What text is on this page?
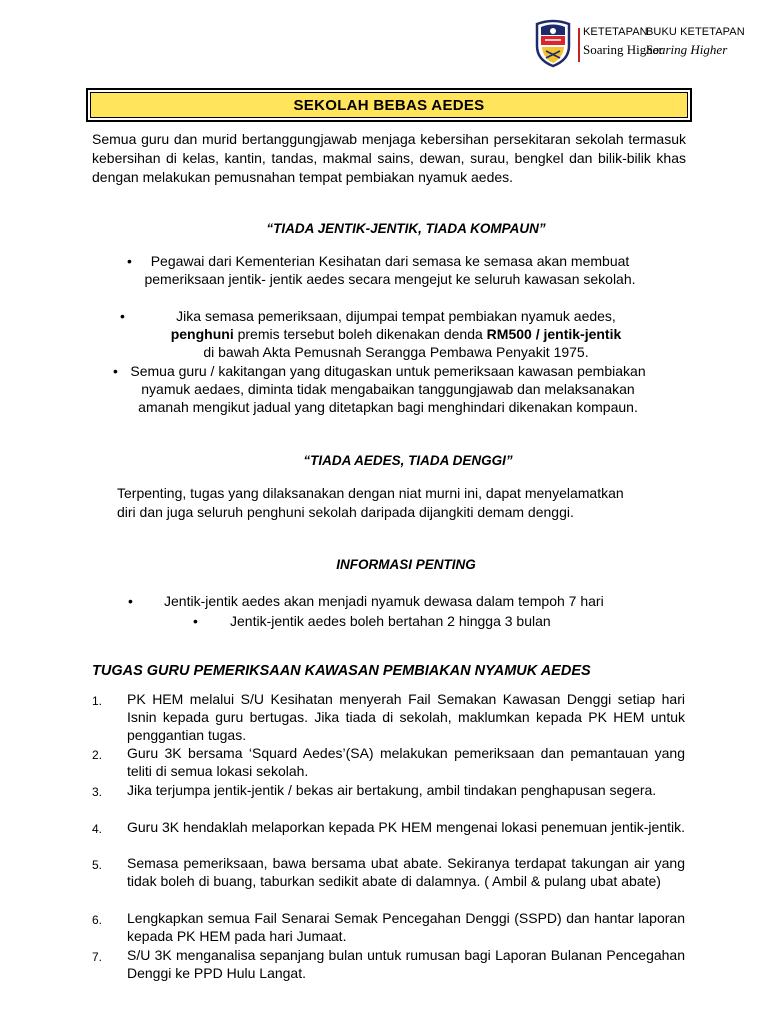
KETETAPAN
Soaring Higher
BUKU KETETAPAN
Soaring Higher
SEKOLAH BEBAS AEDES
Semua guru dan murid bertanggungjawab menjaga kebersihan persekitaran sekolah termasuk kebersihan di kelas, kantin, tandas, makmal sains, dewan, surau, bengkel dan bilik-bilik khas dengan melakukan pemusnahan tempat pembiakan nyamuk aedes.
“TIADA JENTIK-JENTIK, TIADA KOMPAUN”
•	Pegawai dari Kementerian Kesihatan dari semasa ke semasa akan membuat pemeriksaan jentik- jentik aedes secara mengejut ke seluruh kawasan sekolah.
•	Jika semasa pemeriksaan, dijumpai tempat pembiakan nyamuk aedes,
penghuni premis tersebut boleh dikenakan denda RM500 / jentik-jentik
di bawah Akta Pemusnah Serangga Pembawa Penyakit 1975.
• Semua guru / kakitangan yang ditugaskan untuk pemeriksaan kawasan pembiakan nyamuk aedaes, diminta tidak mengabaikan tanggungjawab dan melaksanakan amanah mengikut jadual yang ditetapkan bagi menghindari dikenakan kompaun.
“TIADA AEDES, TIADA DENGGI”
Terpenting, tugas yang dilaksanakan dengan niat murni ini, dapat menyelamatkan diri dan juga seluruh penghuni sekolah daripada dijangkiti demam denggi.
INFORMASI PENTING
• Jentik-jentik aedes akan menjadi nyamuk dewasa dalam tempoh 7 hari
• Jentik-jentik aedes boleh bertahan 2 hingga 3 bulan
TUGAS GURU PEMERIKSAAN KAWASAN PEMBIAKAN NYAMUK AEDES
1. PK HEM melalui S/U Kesihatan menyerah Fail Semakan Kawasan Denggi setiap hari Isnin kepada guru bertugas. Jika tiada di sekolah, maklumkan kepada PK HEM untuk penggantian tugas.
2. Guru 3K bersama ‘Squard Aedes’(SA) melakukan pemeriksaan dan pemantauan yang teliti di semua lokasi sekolah.
3. Jika terjumpa jentik-jentik / bekas air bertakung, ambil tindakan penghapusan segera.
4. Guru 3K hendaklah melaporkan kepada PK HEM mengenai lokasi penemuan jentik-jentik.
5. Semasa pemeriksaan, bawa bersama ubat abate. Sekiranya terdapat takungan air yang tidak boleh di buang, taburkan sedikit abate di dalamnya. ( Ambil & pulang ubat abate)
6. Lengkapkan semua Fail Senarai Semak Pencegahan Denggi (SSPD) dan hantar laporan kepada PK HEM pada hari Jumaat.
7. S/U 3K menganalisa sepanjang bulan untuk rumusan bagi Laporan Bulanan Pencegahan Denggi ke PPD Hulu Langat.
